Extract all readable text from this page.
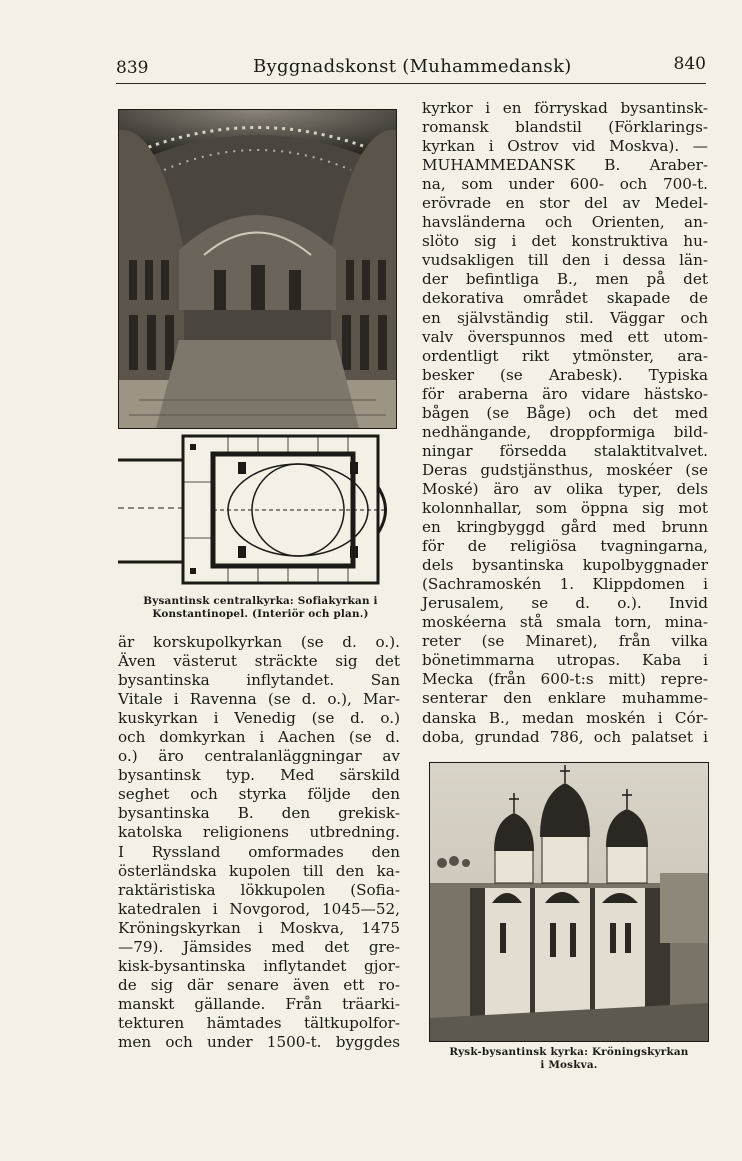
839	Byggnadskonst (Muhammedansk)	840
Bysantinsk centralkyrka: Sofiakyrkan i
Konstantinopel. (Interiör och plan.)
är korskupolkyrkan (se d. o.).
Även västerut sträckte sig det
bysantinska inflytandet. San
Vitale i Ravenna (se d. o.), Mar-
kuskyrkan i Venedig (se d. o.)
och domkyrkan i Aachen (se d.
o.) äro centralanläggningar av
bysantinsk typ. Med särskild
seghet och styrka följde den
bysantinska B. den grekisk-
katolska religionens utbredning.
I Ryssland omformades den
österländska kupolen till den ka-
raktäristiska lökkupolen (Sofia-
katedralen i Novgorod, 1045—52,
Kröningskyrkan i Moskva, 1475
—79). Jämsides med det gre-
kisk-bysantinska inflytandet gjor-
de sig där senare även ett ro-
manskt gällande. Från träarki-
tekturen hämtades tältkupolfor-
men och under 1500-t. byggdes
kyrkor i en förryskad bysantinsk-
romansk blandstil (Förklarings-
kyrkan i Ostrov vid Moskva). —
MUHAMMEDANSK B. Araber-
na, som under 600- och 700-t.
erövrade en stor del av Medel-
havsländerna och Orienten, an-
slöto sig i det konstruktiva hu-
vudsakligen till den i dessa län-
der befintliga B., men på det
dekorativa området skapade de
en självständig stil. Väggar och
valv överspunnos med ett utom-
ordentligt rikt ytmönster, ara-
besker (se Arabesk). Typiska
för araberna äro vidare hästsko-
bågen (se Båge) och det med
nedhängande, droppformiga bild-
ningar försedda stalaktitvalvet.
Deras gudstjänsthus, moskéer (se
Moské) äro av olika typer, dels
kolonnhallar, som öppna sig mot
en kringbyggd gård med brunn
för de religiösa tvagningarna,
dels bysantinska kupolbyggnader
(Sachramoskén 1. Klippdomen i
Jerusalem, se d. o.). Invid
moskéerna stå smala torn, mina-
reter (se Minaret), från vilka
bönetimmarna utropas. Kaba i
Mecka (från 600-t:s mitt) repre-
senterar den enklare muhamme-
danska B., medan moskén i Cór-
doba, grundad 786, och palatset i
Rysk-bysantinsk kyrka: Kröningskyrkan
i Moskva.
